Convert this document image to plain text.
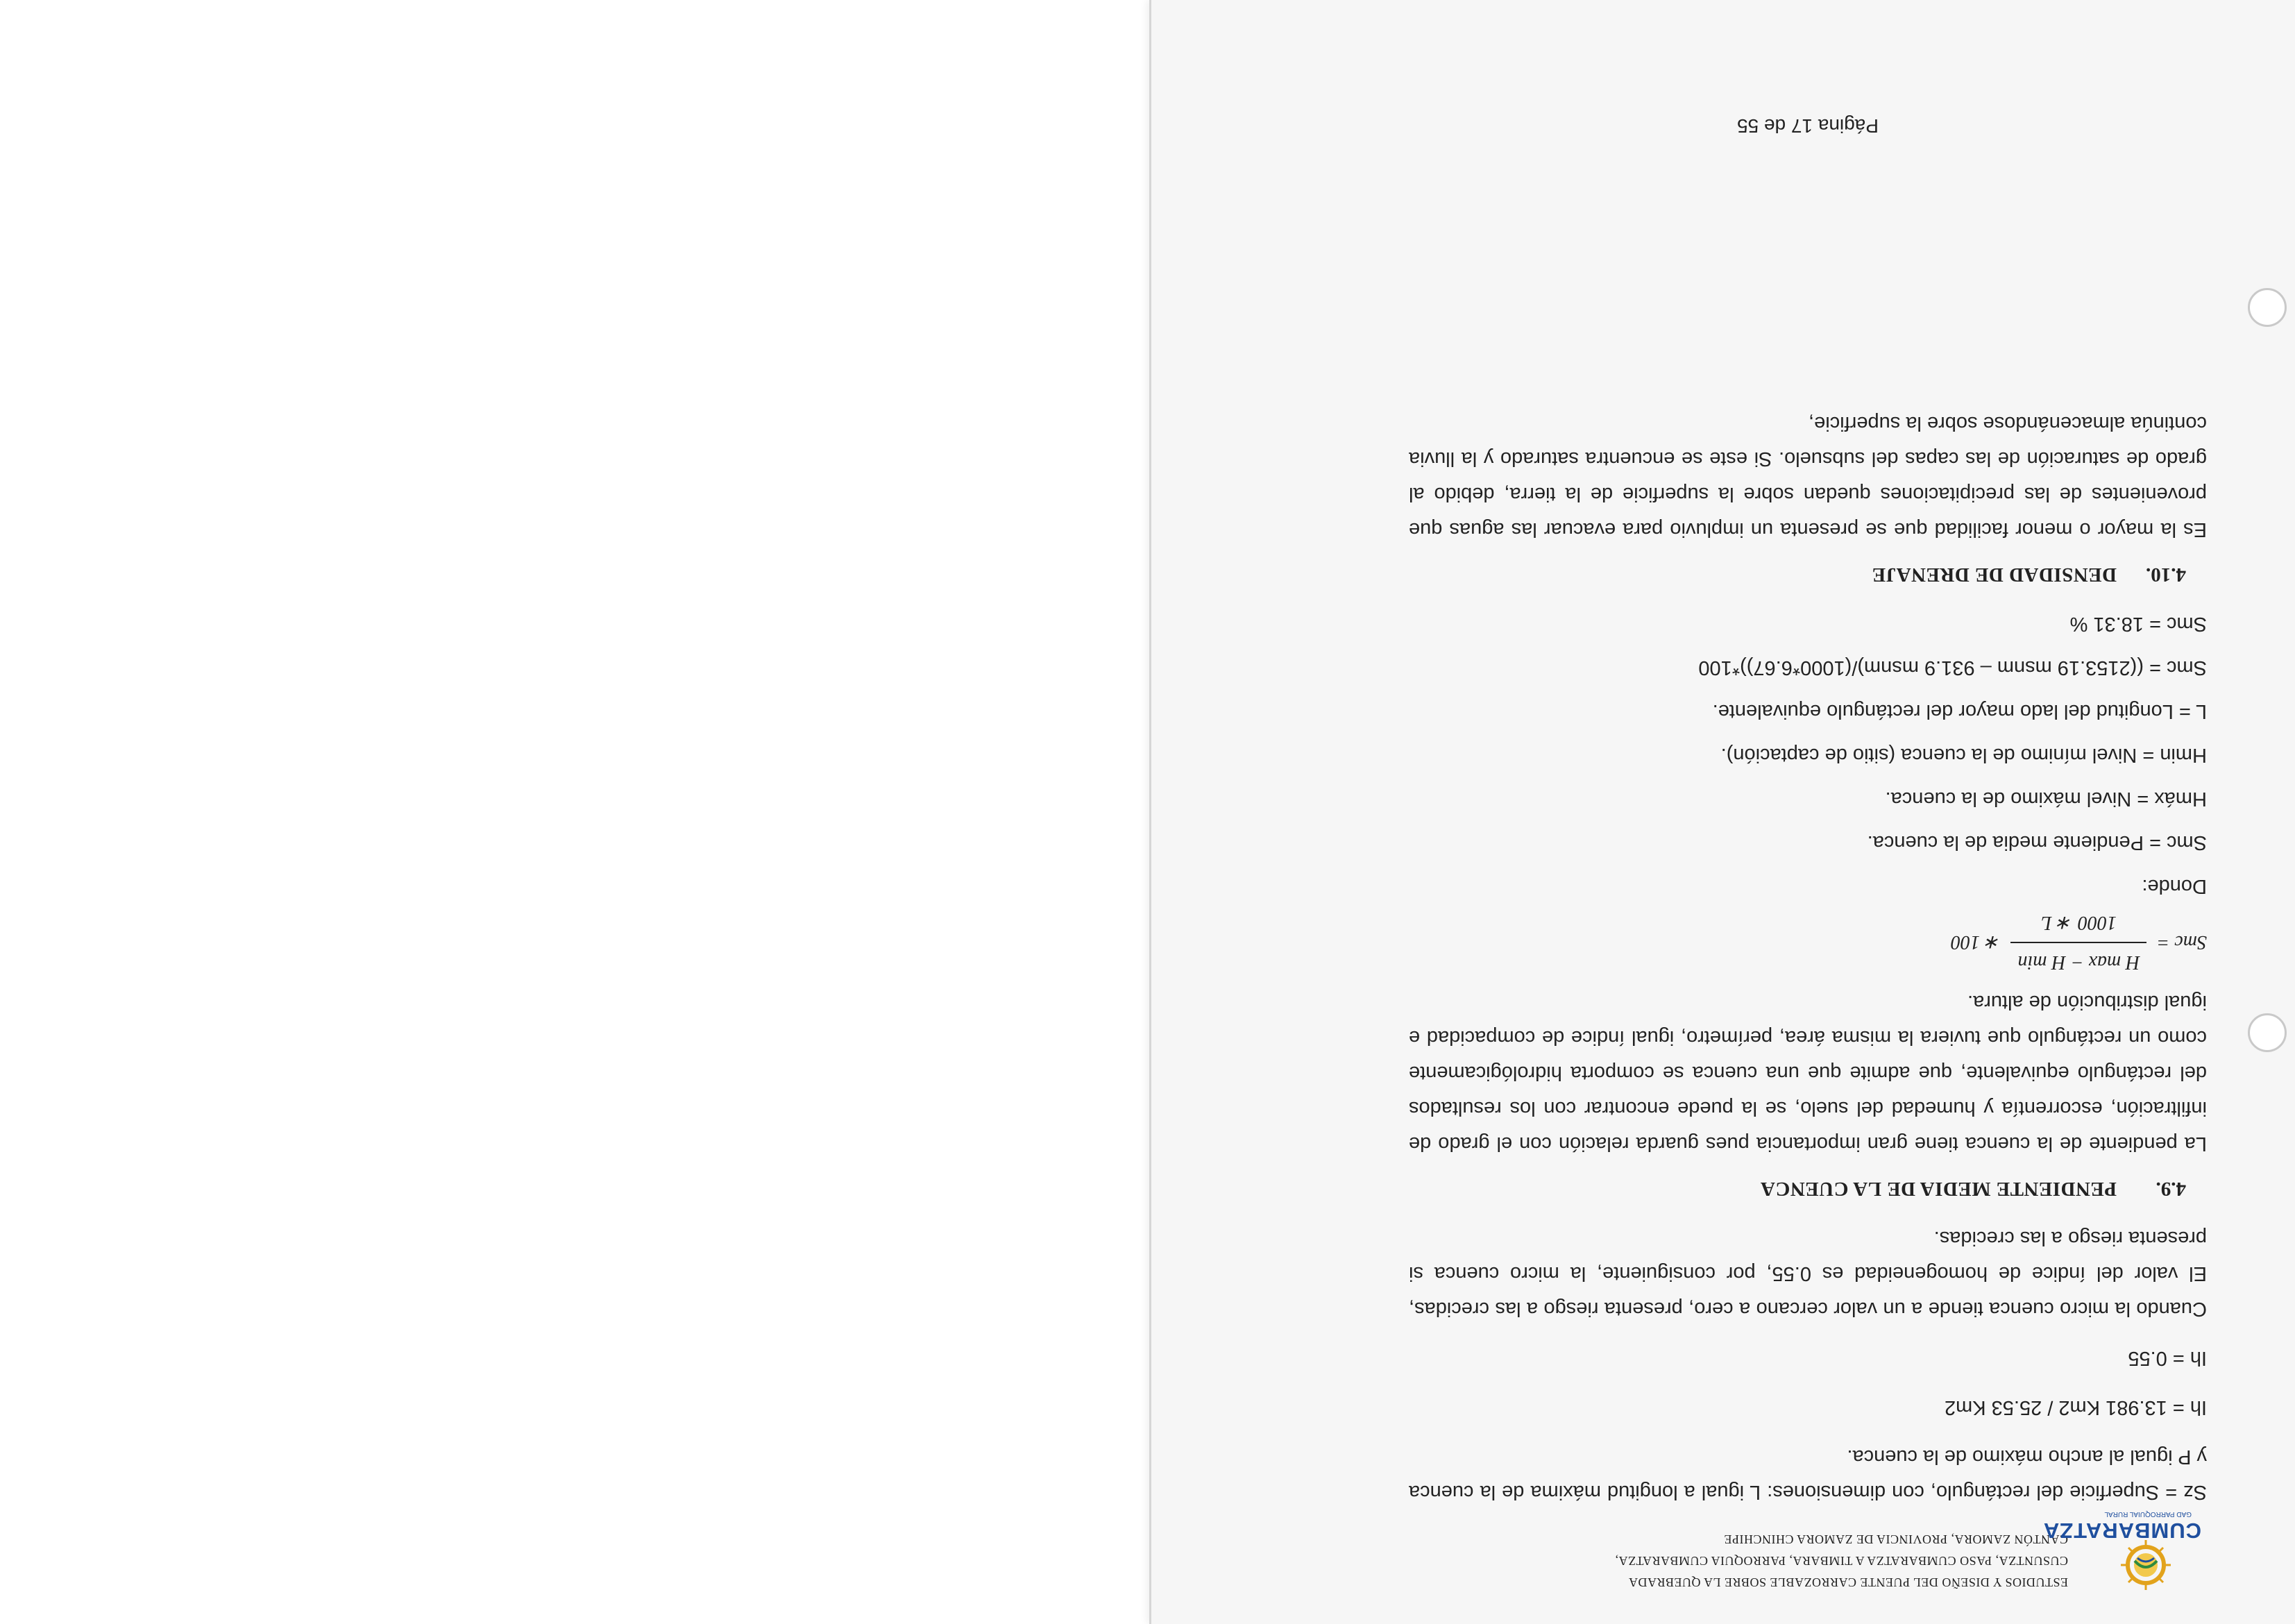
CUMBARATZA
GAD PARROQUIAL RURAL
ESTUDIOS Y DISEÑO DEL PUENTE CARROZABLE SOBRE LA QUEBRADA
CUSUNTZA, PASO CUMBARATZA A TIMBARA, PARROQUIA CUMBARATZA,
CANTÓN ZAMORA, PROVINCIA DE ZAMORA CHINCHIPE

Sz = Superficie del rectángulo, con dimensiones: L igual a longitud máxima de la cuenca y P igual al ancho máximo de la cuenca.

Ih = 13.981 Km2 / 25.53 Km2

Ih = 0.55

Cuando la micro cuenca tiende a un valor cercano a cero, presenta riesgo a las crecidas, El valor del índice de homogeneidad es 0.55, por consiguiente, la micro cuenca si presenta riesgo a las crecidas.

4.9.
PENDIENTE MEDIA DE LA CUENCA

La pendiente de la cuenca tiene gran importancia pues guarda relación con el grado de infiltración, escorrentía y humedad del suelo, se la puede encontrar con los resultados del rectángulo equivalente, que admite que una cuenca se comporta hidrológicamente como un rectángulo que tuviera la misma área, perímetro, igual índice de compacidad e igual distribución de altura.

Smc =
H max − H min
1000 ∗ L
∗ 100

Donde:

Smc = Pendiente media de la cuenca.

Hmáx = Nivel máximo de la cuenca.

Hmin = Nivel mínimo de la cuenca (sitio de captación).

L = Longitud del lado mayor del rectángulo equivalente.

Smc = ((2153.19 msnm – 931.9 msnm)/(1000*6.67))*100

Smc = 18.31 %

4.10.
DENSIDAD DE DRENAJE

Es la mayor o menor facilidad que se presenta un impluvio para evacuar las aguas que provenientes de las precipitaciones quedan sobre la superficie de la tierra, debido al grado de saturación de las capas del subsuelo. Si este se encuentra saturado y la lluvia continúa almacenándose sobre la superficie,

Página 17 de 55
